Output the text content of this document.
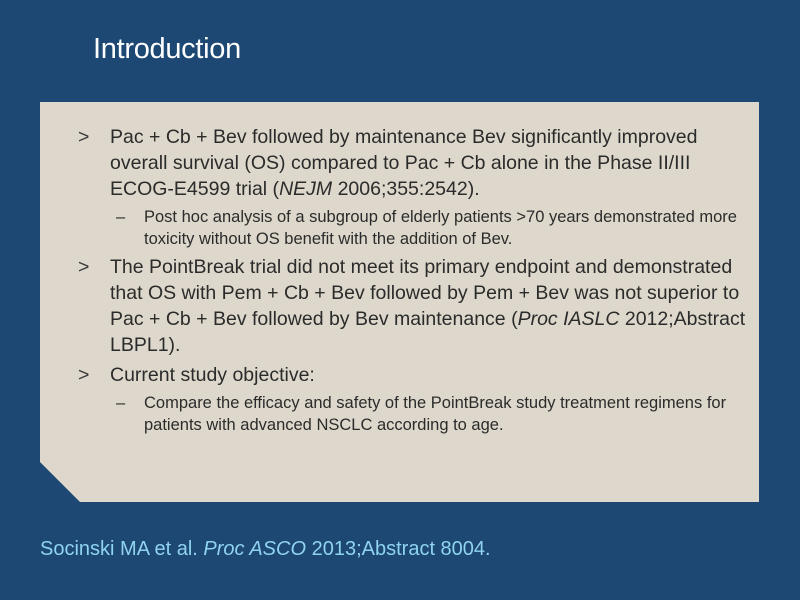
Introduction
> Pac + Cb + Bev followed by maintenance Bev significantly improved overall survival (OS) compared to Pac + Cb alone in the Phase II/III ECOG-E4599 trial (NEJM 2006;355:2542).
– Post hoc analysis of a subgroup of elderly patients >70 years demonstrated more toxicity without OS benefit with the addition of Bev.
> The PointBreak trial did not meet its primary endpoint and demonstrated that OS with Pem + Cb + Bev followed by Pem + Bev was not superior to Pac + Cb + Bev followed by Bev maintenance (Proc IASLC 2012;Abstract LBPL1).
> Current study objective:
– Compare the efficacy and safety of the PointBreak study treatment regimens for patients with advanced NSCLC according to age.

Socinski MA et al. Proc ASCO 2013;Abstract 8004.
